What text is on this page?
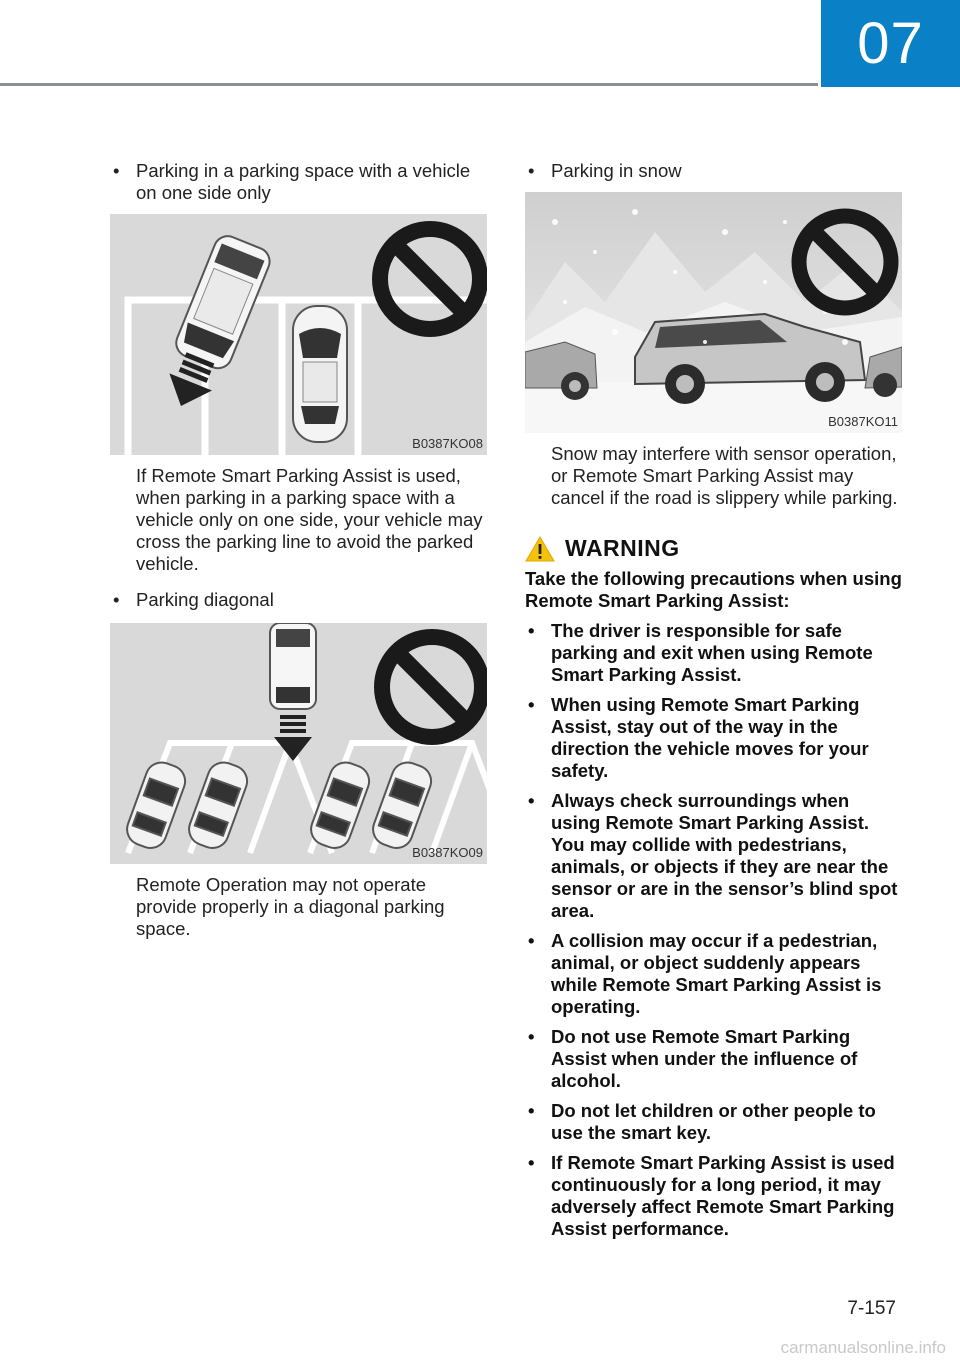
07
• Parking in a parking space with a vehicle on one side only
B0387KO08
If Remote Smart Parking Assist is used, when parking in a parking space with a vehicle only on one side, your vehicle may cross the parking line to avoid the parked vehicle.
• Parking diagonal
B0387KO09
Remote Operation may not operate provide properly in a diagonal parking space.
• Parking in snow
B0387KO11
Snow may interfere with sensor operation, or Remote Smart Parking Assist may cancel if the road is slippery while parking.
WARNING
Take the following precautions when using Remote Smart Parking Assist:
• The driver is responsible for safe parking and exit when using Remote Smart Parking Assist.
• When using Remote Smart Parking Assist, stay out of the way in the direction the vehicle moves for your safety.
• Always check surroundings when using Remote Smart Parking Assist. You may collide with pedestrians, animals, or objects if they are near the sensor or are in the sensor’s blind spot area.
• A collision may occur if a pedestrian, animal, or object suddenly appears while Remote Smart Parking Assist is operating.
• Do not use Remote Smart Parking Assist when under the influence of alcohol.
• Do not let children or other people to use the smart key.
• If Remote Smart Parking Assist is used continuously for a long period, it may adversely affect Remote Smart Parking Assist performance.
7-157
carmanualsonline.info
